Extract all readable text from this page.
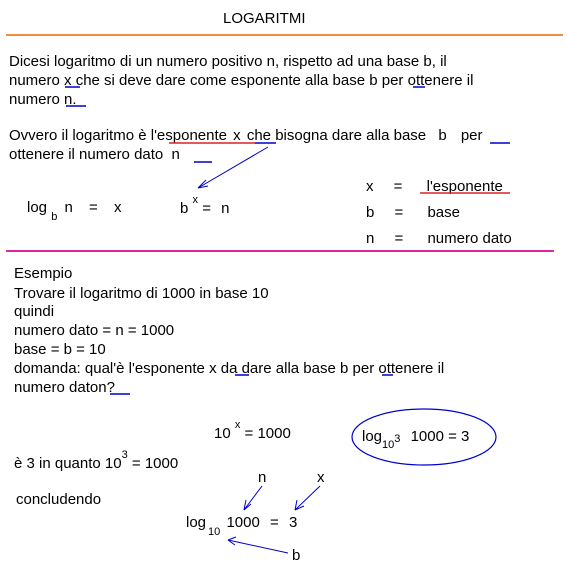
LOGARITMI
Dicesi logaritmo di un numero positivo n, rispetto ad una base b, il
numero x che si deve dare come esponente alla base b per ottenere il
numero n.
Ovvero il logaritmo è l'esponente x che bisogna dare alla base b per
ottenere il numero dato n
log $_b$ n = x	b $^x$ = n
x = l'esponente
b = base
n = numero dato
Esempio
Trovare il logaritmo di 1000 in base 10
quindi
numero dato = n = 1000
base = b = 10
domanda: qual'è l'esponente x da dare alla base b per ottenere il
numero daton?
10 $^x$ = 1000	$\log_{10}3$ 1000 = 3
è 3 in quanto $10^3 = 1000$
concludendo
n	x
$\log_{10} 1000 = 3$
b
